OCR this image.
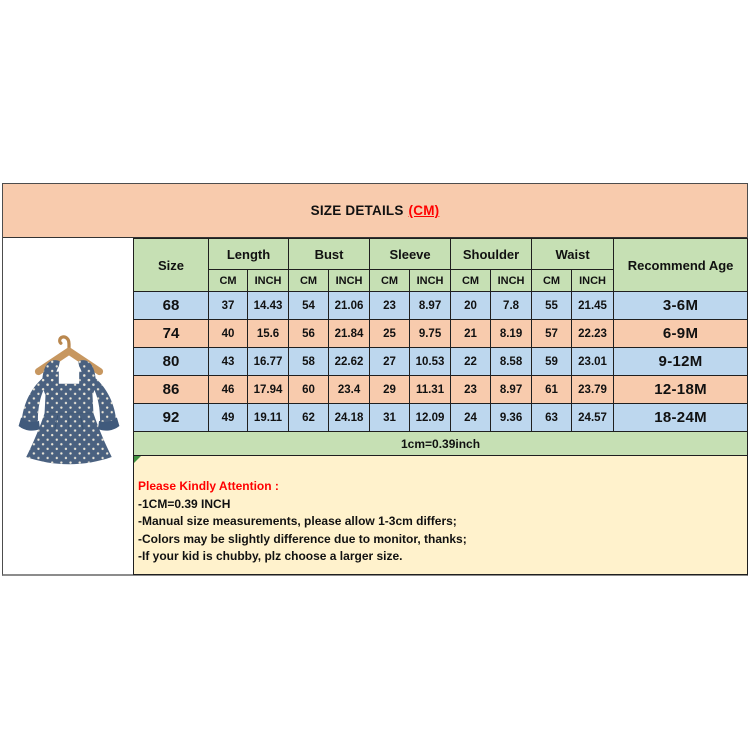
SIZE DETAILS (CM)
Size	Length		Bust		Sleeve		Shoulder		Waist		Recommend Age
	CM	INCH	CM	INCH	CM	INCH	CM	INCH	CM	INCH	
68	37	14.43	54	21.06	23	8.97	20	7.8	55	21.45	3-6M
74	40	15.6	56	21.84	25	9.75	21	8.19	57	22.23	6-9M
80	43	16.77	58	22.62	27	10.53	22	8.58	59	23.01	9-12M
86	46	17.94	60	23.4	29	11.31	23	8.97	61	23.79	12-18M
92	49	19.11	62	24.18	31	12.09	24	9.36	63	24.57	18-24M
1cm=0.39inch											

Please Kindly Attention :
-1CM=0.39 INCH
-Manual size measurements, please allow 1-3cm differs;
-Colors may be slightly difference due to monitor, thanks;
-If your kid is chubby, plz choose a larger size.											
